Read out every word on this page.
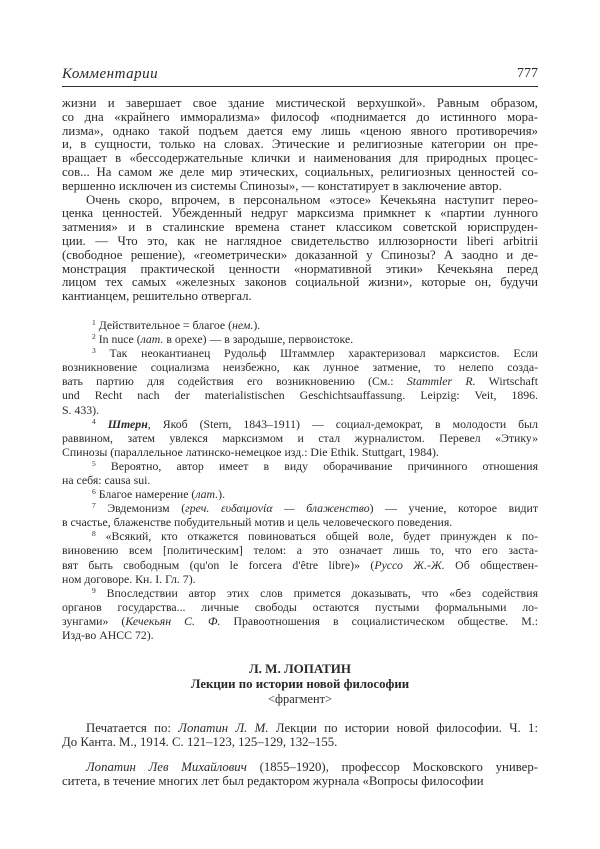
Комментарии	777
жизни и завершает свое здание мистической верхушкой». Равным образом,
со дна «крайнего имморализма» философ «поднимается до истинного мора-
лизма», однако такой подъем дается ему лишь «ценою явного противоречия»
и, в сущности, только на словах. Этические и религиозные категории он пре-
вращает в «бессодержательные клички и наименования для природных процес-
сов... На самом же деле мир этических, социальных, религиозных ценностей со-
вершенно исключен из системы Спинозы», — констатирует в заключение автор.
Очень скоро, впрочем, в персональном «этосе» Кечекьяна наступит перео-
ценка ценностей. Убежденный недруг марксизма примкнет к «партии лунного
затмения» и в сталинские времена станет классиком советской юриспруден-
ции. — Что это, как не наглядное свидетельство иллюзорности liberi arbitrii
(свободное решение), «геометрически» доказанной у Спинозы? А заодно и де-
монстрация практической ценности «нормативной этики» Кечекьяна перед
лицом тех самых «железных законов социальной жизни», которые он, будучи
кантианцем, решительно отвергал.
$^1$ Действительное = благое (нем.).
$^2$ In nuce (лат. в орехе) — в зародыше, первоистоке.
$^3$ Так неокантианец Рудольф Штаммлер характеризовал марксистов. Если
возникновение социализма неизбежно, как лунное затмение, то нелепо созда-
вать партию для содействия его возникновению (См.: Stammler R. Wirtschaft
und Recht nach der materialistischen Geschichtsauffassung. Leipzig: Veit, 1896.
S. 433).
$^4$ Штерн, Якоб (Stern, 1843–1911) — социал-демократ, в молодости был
раввином, затем увлекся марксизмом и стал журналистом. Перевел «Этику»
Спинозы (параллельное латинско-немецкое изд.: Die Ethik. Stuttgart, 1984).
$^5$ Вероятно, автор имеет в виду оборачивание причинного отношения
на себя: causa sui.
$^6$ Благое намерение (лат.).
$^7$ Эвдемонизм (греч. ευδαιμονία — блаженство) — учение, которое видит
в счастье, блаженстве побудительный мотив и цель человеческого поведения.
$^8$ «Всякий, кто откажется повиноваться общей воле, будет принужден к по-
виновению всем [политическим] телом: а это означает лишь то, что его заста-
вят быть свободным (qu'on le forcera d'être libre)» (Руссо Ж.-Ж. Об обществен-
ном договоре. Кн. I. Гл. 7).
$^9$ Впоследствии автор этих слов примется доказывать, что «без содействия
органов государства... личные свободы остаются пустыми формальными ло-
зунгами» (Кечекьян С. Ф. Правоотношения в социалистическом обществе. М.:
Изд-во АНСС 72).
Л. М. ЛОПАТИН
Лекции по истории новой философии
<фрагмент>
Печатается по: Лопатин Л. М. Лекции по истории новой философии. Ч. 1:
До Канта. М., 1914. С. 121–123, 125–129, 132–155.
Лопатин Лев Михайлович (1855–1920), профессор Московского универ-
ситета, в течение многих лет был редактором журнала «Вопросы философии
